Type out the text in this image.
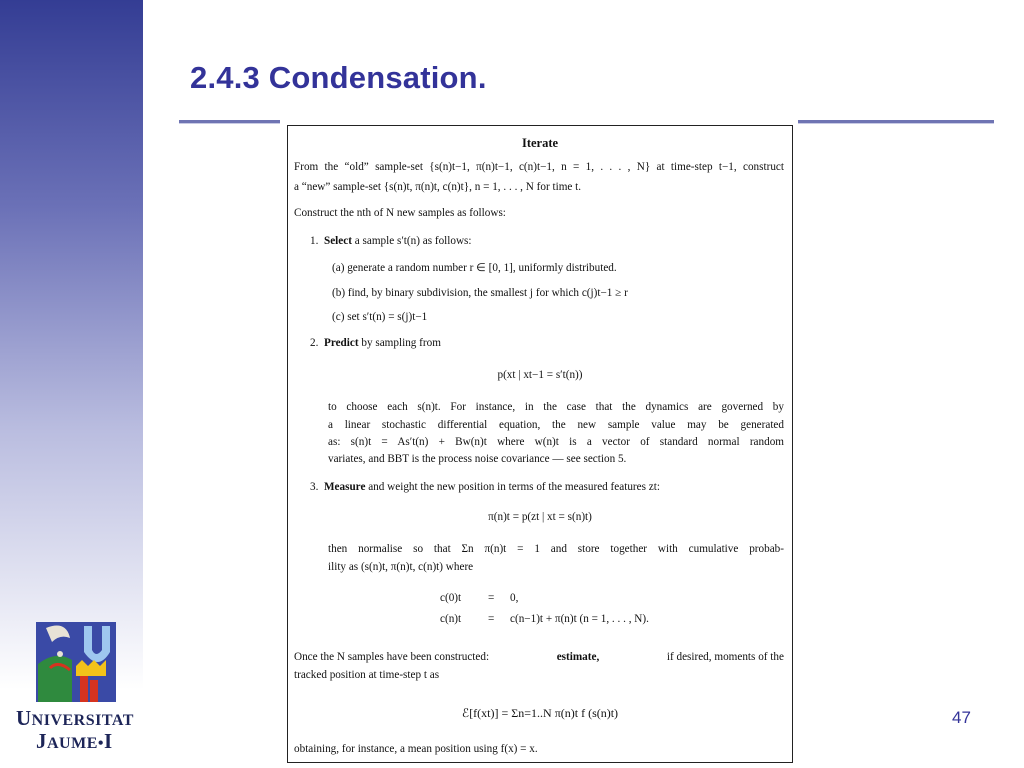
2.4.3 Condensation.
UNIVERSITAT
JAUME•I
47
Iterate
From the “old” sample-set {s(n)t−1, π(n)t−1, c(n)t−1, n = 1, . . . , N} at time-step t−1, construct
a “new” sample-set {s(n)t, π(n)t, c(n)t}, n = 1, . . . , N for time t.
Construct the nth of N new samples as follows:
1. Select a sample s′t(n) as follows:
(a) generate a random number r ∈ [0, 1], uniformly distributed.
(b) find, by binary subdivision, the smallest j for which c(j)t−1 ≥ r
(c) set s′t(n) = s(j)t−1
2. Predict by sampling from
p(xt | xt−1 = s′t(n))
to choose each s(n)t. For instance, in the case that the dynamics are governed by
a linear stochastic differential equation, the new sample value may be generated
as: s(n)t = As′t(n) + Bw(n)t where w(n)t is a vector of standard normal random
variates, and BBT is the process noise covariance — see section 5.
3. Measure and weight the new position in terms of the measured features zt:
π(n)t = p(zt | xt = s(n)t)
then normalise so that Σn π(n)t = 1 and store together with cumulative probab-
ility as (s(n)t, π(n)t, c(n)t) where
c(0)t = 0,
c(n)t = c(n−1)t + π(n)t (n = 1, . . . , N).
Once the N samples have been constructed:	estimate,	if desired, moments of the
tracked position at time-step t as
ℰ[f(xt)] = Σn=1..N π(n)t f (s(n)t)
obtaining, for instance, a mean position using f(x) = x.
